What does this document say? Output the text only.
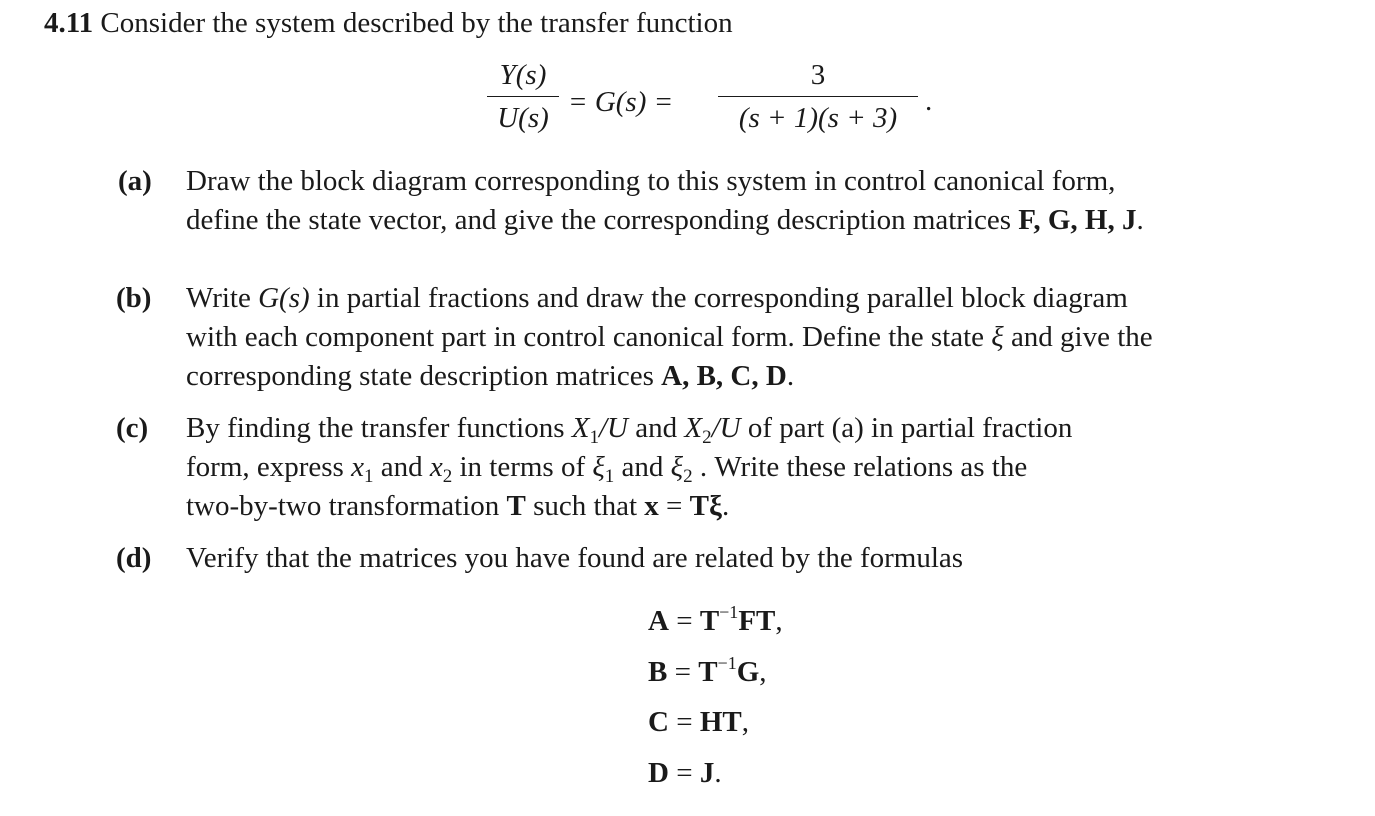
4.11 Consider the system described by the transfer function
Y(s)
U(s) = G(s) =
3
(s + 1)(s + 3)
.
(a) Draw the block diagram corresponding to this system in control canonical form,
define the state vector, and give the corresponding description matrices F, G, H, J.
(b) Write G(s) in partial fractions and draw the corresponding parallel block diagram
with each component part in control canonical form. Define the state ξ and give the
corresponding state description matrices A, B, C, D.
(c) By finding the transfer functions $X_1/U$ and $X_2/U$ of part (a) in partial fraction
form, express $x_1$ and $x_2$ in terms of $\xi_1$ and $\xi_2$ . Write these relations as the
two-by-two transformation T such that x = Tξ.
(d) Verify that the matrices you have found are related by the formulas
$A = T^{-1}FT$,
$B = T^{-1}G$,
C = HT,
D = J.
